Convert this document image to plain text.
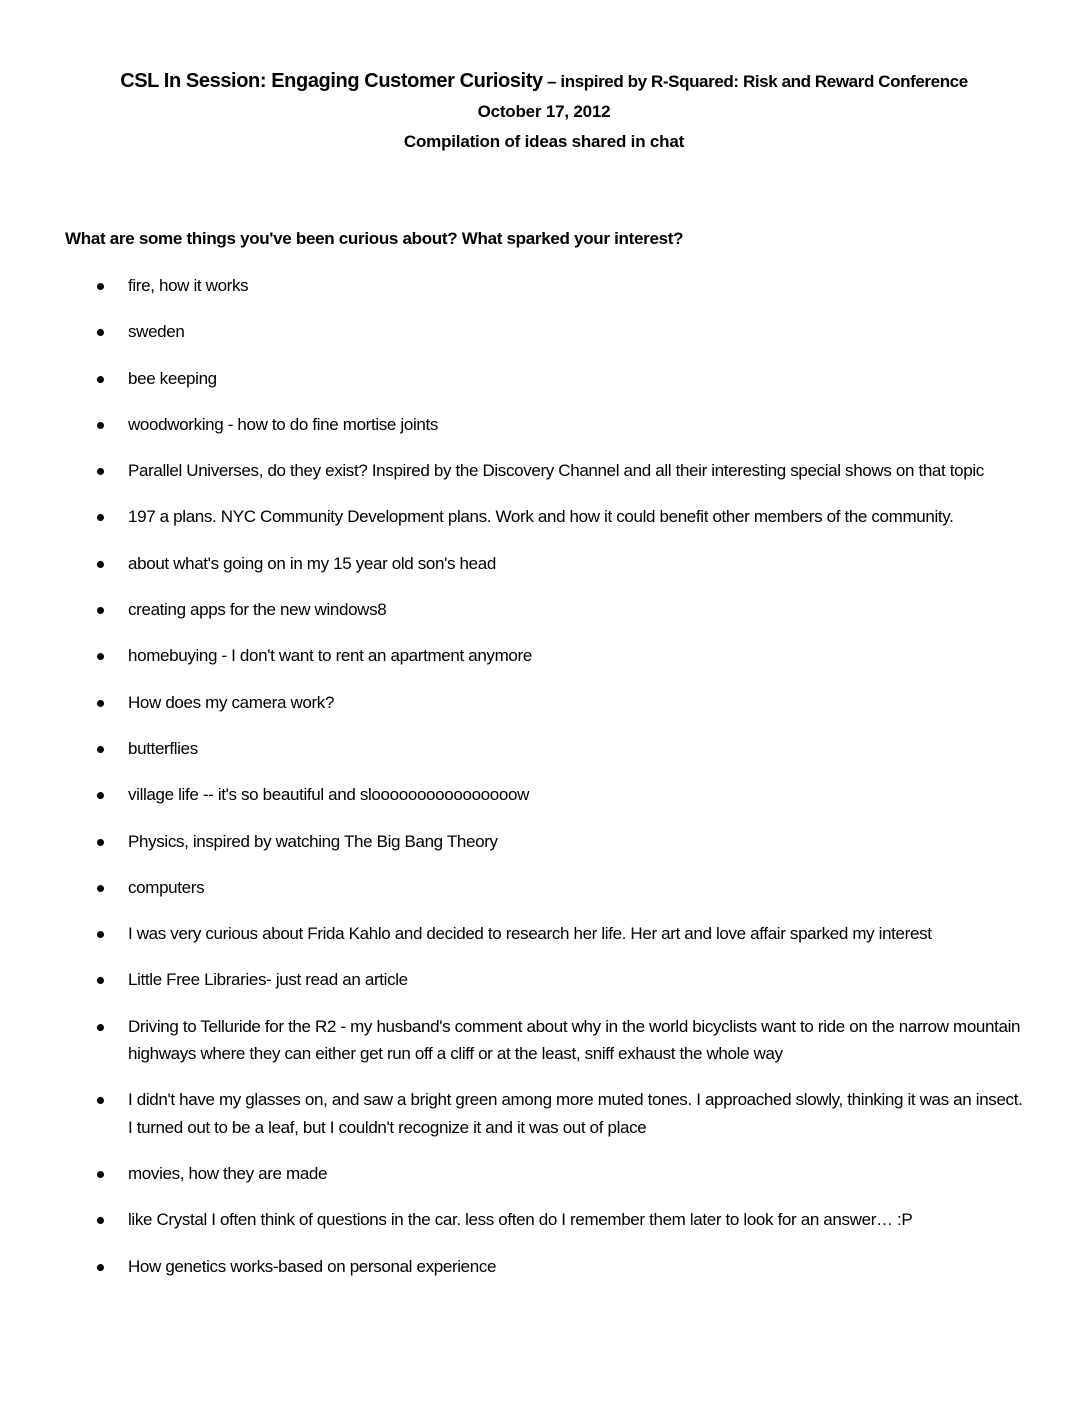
CSL In Session: Engaging Customer Curiosity – inspired by R-Squared: Risk and Reward Conference
October 17, 2012
Compilation of ideas shared in chat
What are some things you've been curious about? What sparked your interest?
fire, how it works
sweden
bee keeping
woodworking - how to do fine mortise joints
Parallel Universes, do they exist? Inspired by the Discovery Channel and all their interesting special shows on that topic
197 a plans. NYC Community Development plans. Work and how it could benefit other members of the community.
about what's going on in my 15 year old son's head
creating apps for the new windows8
homebuying - I don't want to rent an apartment anymore
How does my camera work?
butterflies
village life -- it's so beautiful and sloooooooooooooooow
Physics, inspired by watching The Big Bang Theory
computers
I was very curious about Frida Kahlo and decided to research her life. Her art and love affair sparked my interest
Little Free Libraries- just read an article
Driving to Telluride for the R2 - my husband's comment about why in the world bicyclists want to ride on the narrow mountain highways where they can either get run off a cliff or at the least, sniff exhaust the whole way
I didn't have my glasses on, and saw a bright green among more muted tones. I approached slowly, thinking it was an insect. I turned out to be a leaf, but I couldn't recognize it and it was out of place
movies, how they are made
like Crystal I often think of questions in the car. less often do I remember them later to look for an answer… :P
How genetics works-based on personal experience
